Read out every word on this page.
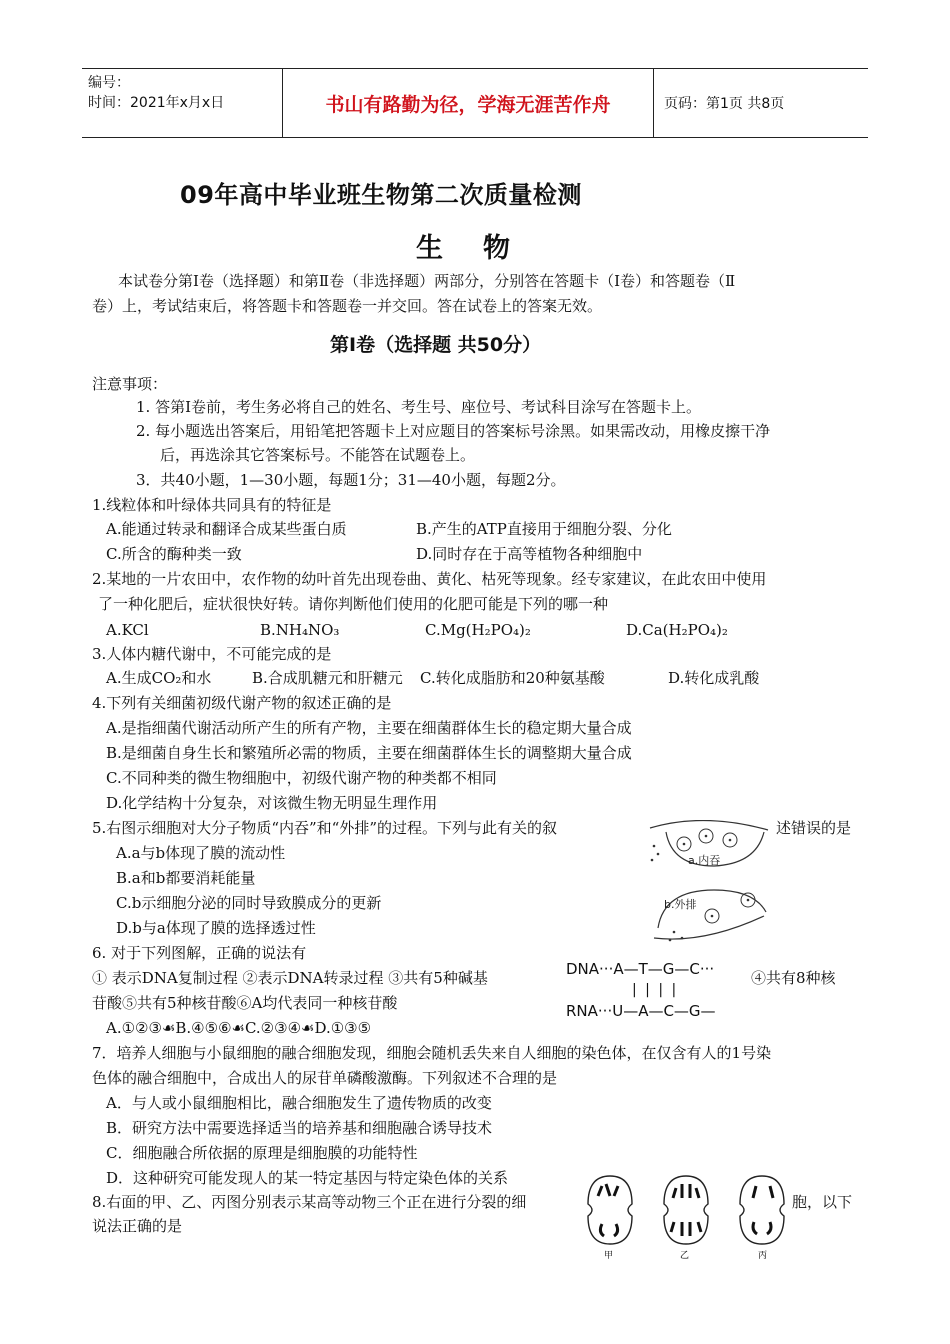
编号：
时间：2021年x月x日	书山有路勤为径，学海无涯苦作舟	页码：第1页 共8页
09年高中毕业班生物第二次质量检测
生物
本试卷分第Ⅰ卷（选择题）和第Ⅱ卷（非选择题）两部分，分别答在答题卡（Ⅰ卷）和答题卷（Ⅱ
卷）上，考试结束后，将答题卡和答题卷一并交回。答在试卷上的答案无效。
第Ⅰ卷（选择题 共50分）
注意事项：
1. 答第Ⅰ卷前，考生务必将自己的姓名、考生号、座位号、考试科目涂写在答题卡上。
2. 每小题选出答案后，用铅笔把答题卡上对应题目的答案标号涂黑。如果需改动，用橡皮擦干净
后，再选涂其它答案标号。不能答在试题卷上。
3．共40小题，1—30小题，每题1分；31—40小题，每题2分。
1.线粒体和叶绿体共同具有的特征是
A.能通过转录和翻译合成某些蛋白质	B.产生的ATP直接用于细胞分裂、分化
C.所含的酶种类一致	D.同时存在于高等植物各种细胞中
2.某地的一片农田中，农作物的幼叶首先出现卷曲、黄化、枯死等现象。经专家建议，在此农田中使用
了一种化肥后，症状很快好转。请你判断他们使用的化肥可能是下列的哪一种
A.KCl	B.NH₄NO₃	C.Mg(H₂PO₄)₂	D.Ca(H₂PO₄)₂
3.人体内糖代谢中，不可能完成的是
A.生成CO₂和水	B.合成肌糖元和肝糖元 C.转化成脂肪和20种氨基酸	D.转化成乳酸
4.下列有关细菌初级代谢产物的叙述正确的是
A.是指细菌代谢活动所产生的所有产物，主要在细菌群体生长的稳定期大量合成
B.是细菌自身生长和繁殖所必需的物质，主要在细菌群体生长的调整期大量合成
C.不同种类的微生物细胞中，初级代谢产物的种类都不相同
D.化学结构十分复杂，对该微生物无明显生理作用
5.右图示细胞对大分子物质“内吞”和“外排”的过程。下列与此有关的叙	述错误的是
A.a与b体现了膜的流动性
B.a和b都要消耗能量
C.b示细胞分泌的同时导致膜成分的更新
D.b与a体现了膜的选择透过性
a.内吞
b.外排
6. 对于下列图解，正确的说法有
① 表示DNA复制过程 ②表示DNA转录过程 ③共有5种碱基	④共有8种核
苷酸⑤共有5种核苷酸⑥A均代表同一种核苷酸
A.①②③☙B.④⑤⑥☙C.②③④☙D.①③⑤
DNA···A—T—G—C···
| | | |
RNA···U—A—C—G—
7．培养人细胞与小鼠细胞的融合细胞发现，细胞会随机丢失来自人细胞的染色体，在仅含有人的1号染
色体的融合细胞中，合成出人的尿苷单磷酸激酶。下列叙述不合理的是
A．与人或小鼠细胞相比，融合细胞发生了遗传物质的改变
B．研究方法中需要选择适当的培养基和细胞融合诱导技术
C．细胞融合所依据的原理是细胞膜的功能特性
D．这种研究可能发现人的某一特定基因与特定染色体的关系
8.右面的甲、乙、丙图分别表示某高等动物三个正在进行分裂的细	胞，以下
说法正确的是
甲	乙	丙
